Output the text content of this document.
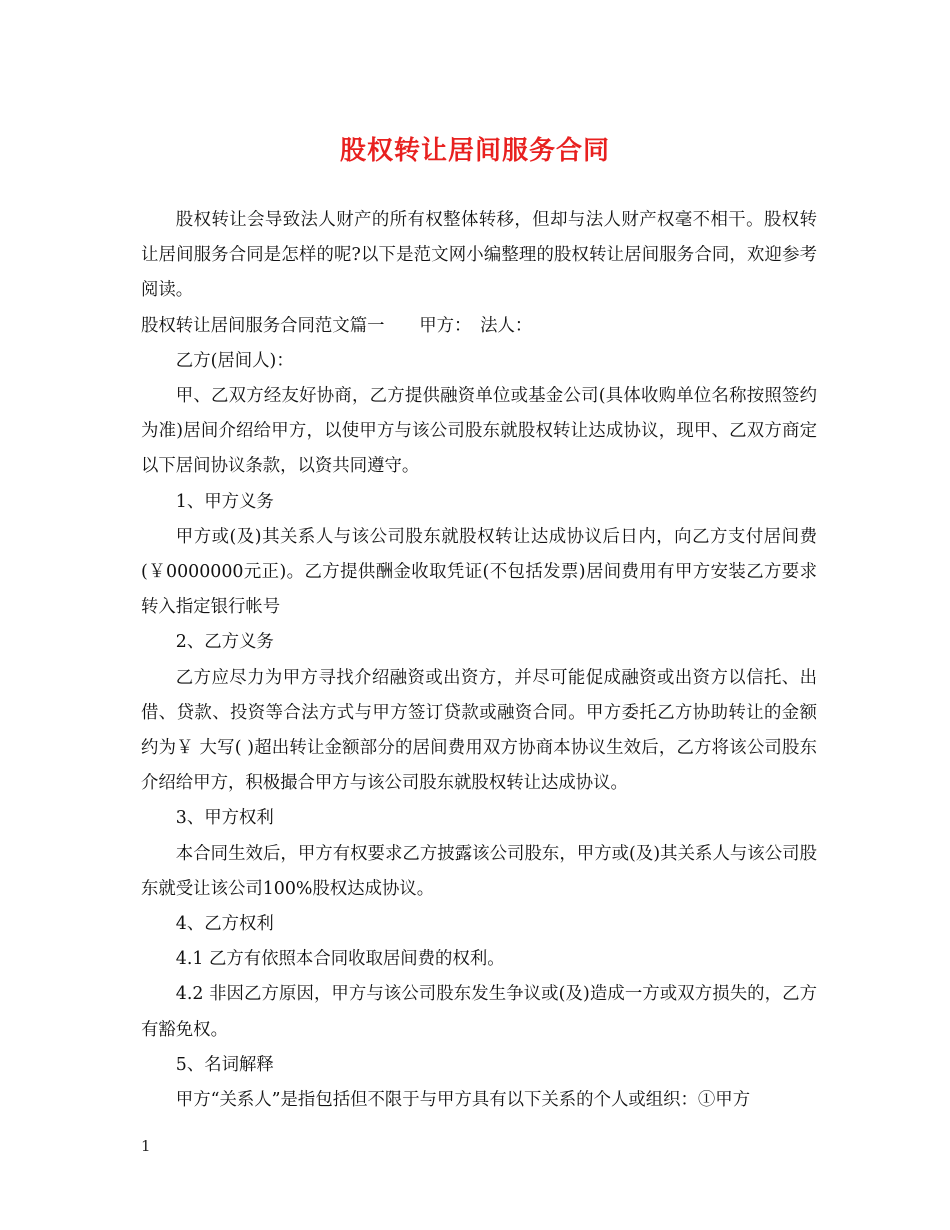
股权转让居间服务合同

股权转让会导致法人财产的所有权整体转移，但却与法人财产权毫不相干。股权转让居间服务合同是怎样的呢?以下是范文网小编整理的股权转让居间服务合同，欢迎参考阅读。

股权转让居间服务合同范文篇一　　甲方：　法人：

乙方(居间人)：

甲、乙双方经友好协商，乙方提供融资单位或基金公司(具体收购单位名称按照签约为准)居间介绍给甲方，以使甲方与该公司股东就股权转让达成协议，现甲、乙双方商定以下居间协议条款，以资共同遵守。

1、甲方义务

甲方或(及)其关系人与该公司股东就股权转让达成协议后日内，向乙方支付居间费 (￥0000000元正)。乙方提供酬金收取凭证(不包括发票)居间费用有甲方安装乙方要求转入指定银行帐号

2、乙方义务

乙方应尽力为甲方寻找介绍融资或出资方，并尽可能促成融资或出资方以信托、出借、贷款、投资等合法方式与甲方签订贷款或融资合同。甲方委托乙方协助转让的金额约为￥ 大写( )超出转让金额部分的居间费用双方协商本协议生效后，乙方将该公司股东介绍给甲方，积极撮合甲方与该公司股东就股权转让达成协议。

3、甲方权利

本合同生效后，甲方有权要求乙方披露该公司股东，甲方或(及)其关系人与该公司股东就受让该公司100%股权达成协议。

4、乙方权利

4.1 乙方有依照本合同收取居间费的权利。

4.2 非因乙方原因，甲方与该公司股东发生争议或(及)造成一方或双方损失的，乙方有豁免权。

5、名词解释

甲方“关系人”是指包括但不限于与甲方具有以下关系的个人或组织：①甲方

1
